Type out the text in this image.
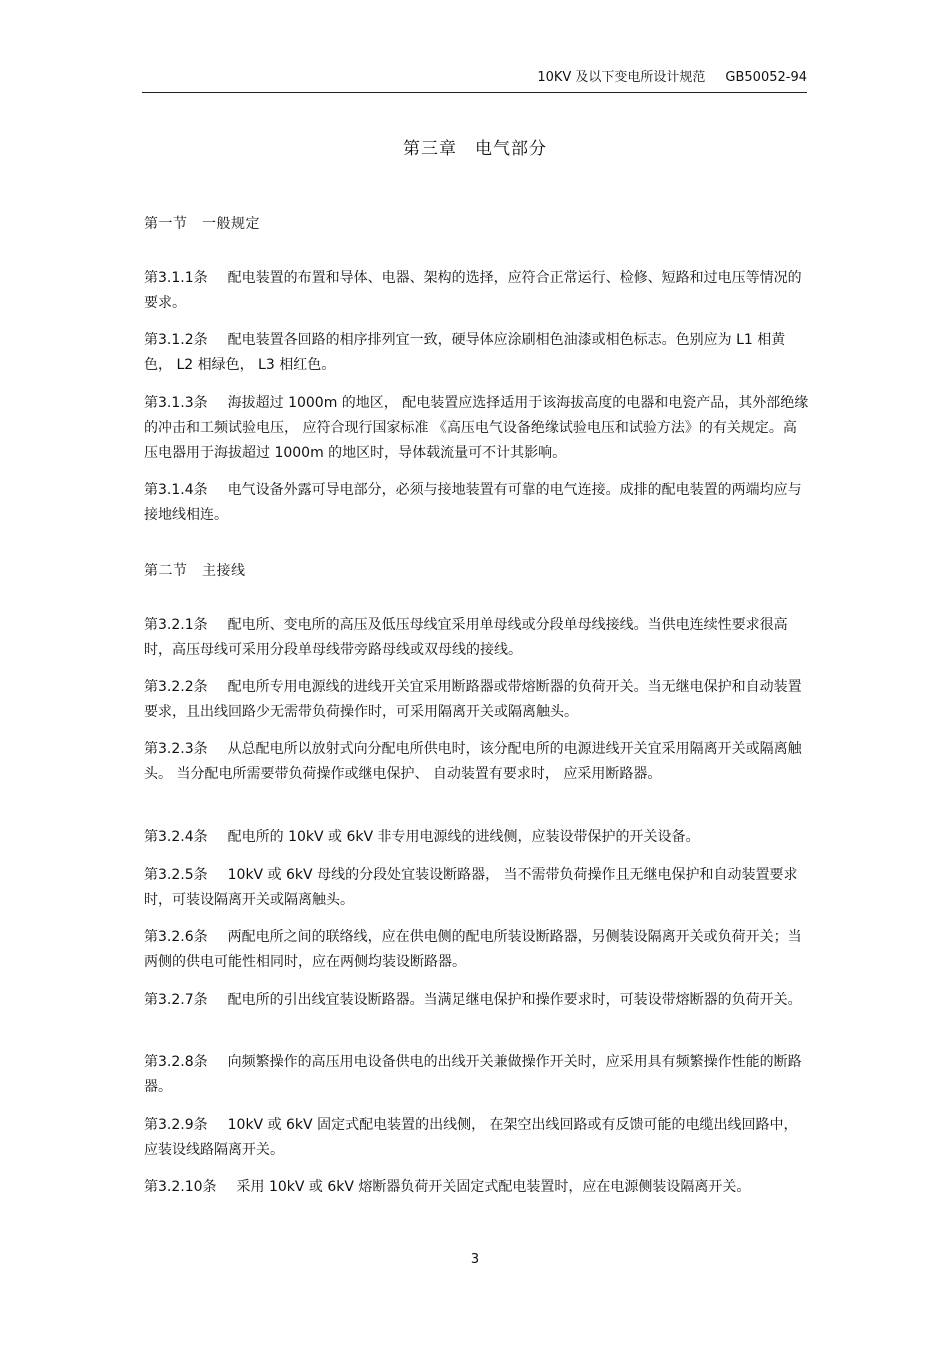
10KV 及以下变电所设计规范 GB50052-94
第三章　电气部分
第一节　一般规定

第3.1.1条 配电装置的布置和导体、电器、架构的选择，应符合正常运行、检修、短路和过电压等情况的要求。

第3.1.2条 配电装置各回路的相序排列宜一致，硬导体应涂刷相色油漆或相色标志。色别应为 L1 相黄色， L2 相绿色， L3 相红色。

第3.1.3条 海拔超过 1000m 的地区， 配电装置应选择适用于该海拔高度的电器和电瓷产品，其外部绝缘的冲击和工频试验电压， 应符合现行国家标准 《高压电气设备绝缘试验电压和试验方法》的有关规定。高压电器用于海拔超过 1000m 的地区时，导体载流量可不计其影响。

第3.1.4条 电气设备外露可导电部分，必须与接地装置有可靠的电气连接。成排的配电装置的两端均应与接地线相连。

第二节　主接线

第3.2.1条 配电所、变电所的高压及低压母线宜采用单母线或分段单母线接线。当供电连续性要求很高时，高压母线可采用分段单母线带旁路母线或双母线的接线。

第3.2.2条 配电所专用电源线的进线开关宜采用断路器或带熔断器的负荷开关。当无继电保护和自动装置要求，且出线回路少无需带负荷操作时，可采用隔离开关或隔离触头。

第3.2.3条 从总配电所以放射式向分配电所供电时，该分配电所的电源进线开关宜采用隔离开关或隔离触头。 当分配电所需要带负荷操作或继电保护、 自动装置有要求时， 应采用断路器。

第3.2.4条 配电所的 10kV 或 6kV 非专用电源线的进线侧，应装设带保护的开关设备。

第3.2.5条 10kV 或 6kV 母线的分段处宜装设断路器， 当不需带负荷操作且无继电保护和自动装置要求时，可装设隔离开关或隔离触头。

第3.2.6条 两配电所之间的联络线，应在供电侧的配电所装设断路器，另侧装设隔离开关或负荷开关；当两侧的供电可能性相同时，应在两侧均装设断路器。

第3.2.7条 配电所的引出线宜装设断路器。当满足继电保护和操作要求时，可装设带熔断器的负荷开关。

第3.2.8条 向频繁操作的高压用电设备供电的出线开关兼做操作开关时，应采用具有频繁操作性能的断路器。

第3.2.9条 10kV 或 6kV 固定式配电装置的出线侧， 在架空出线回路或有反馈可能的电缆出线回路中，应装设线路隔离开关。

第3.2.10条 采用 10kV 或 6kV 熔断器负荷开关固定式配电装置时，应在电源侧装设隔离开关。

3
